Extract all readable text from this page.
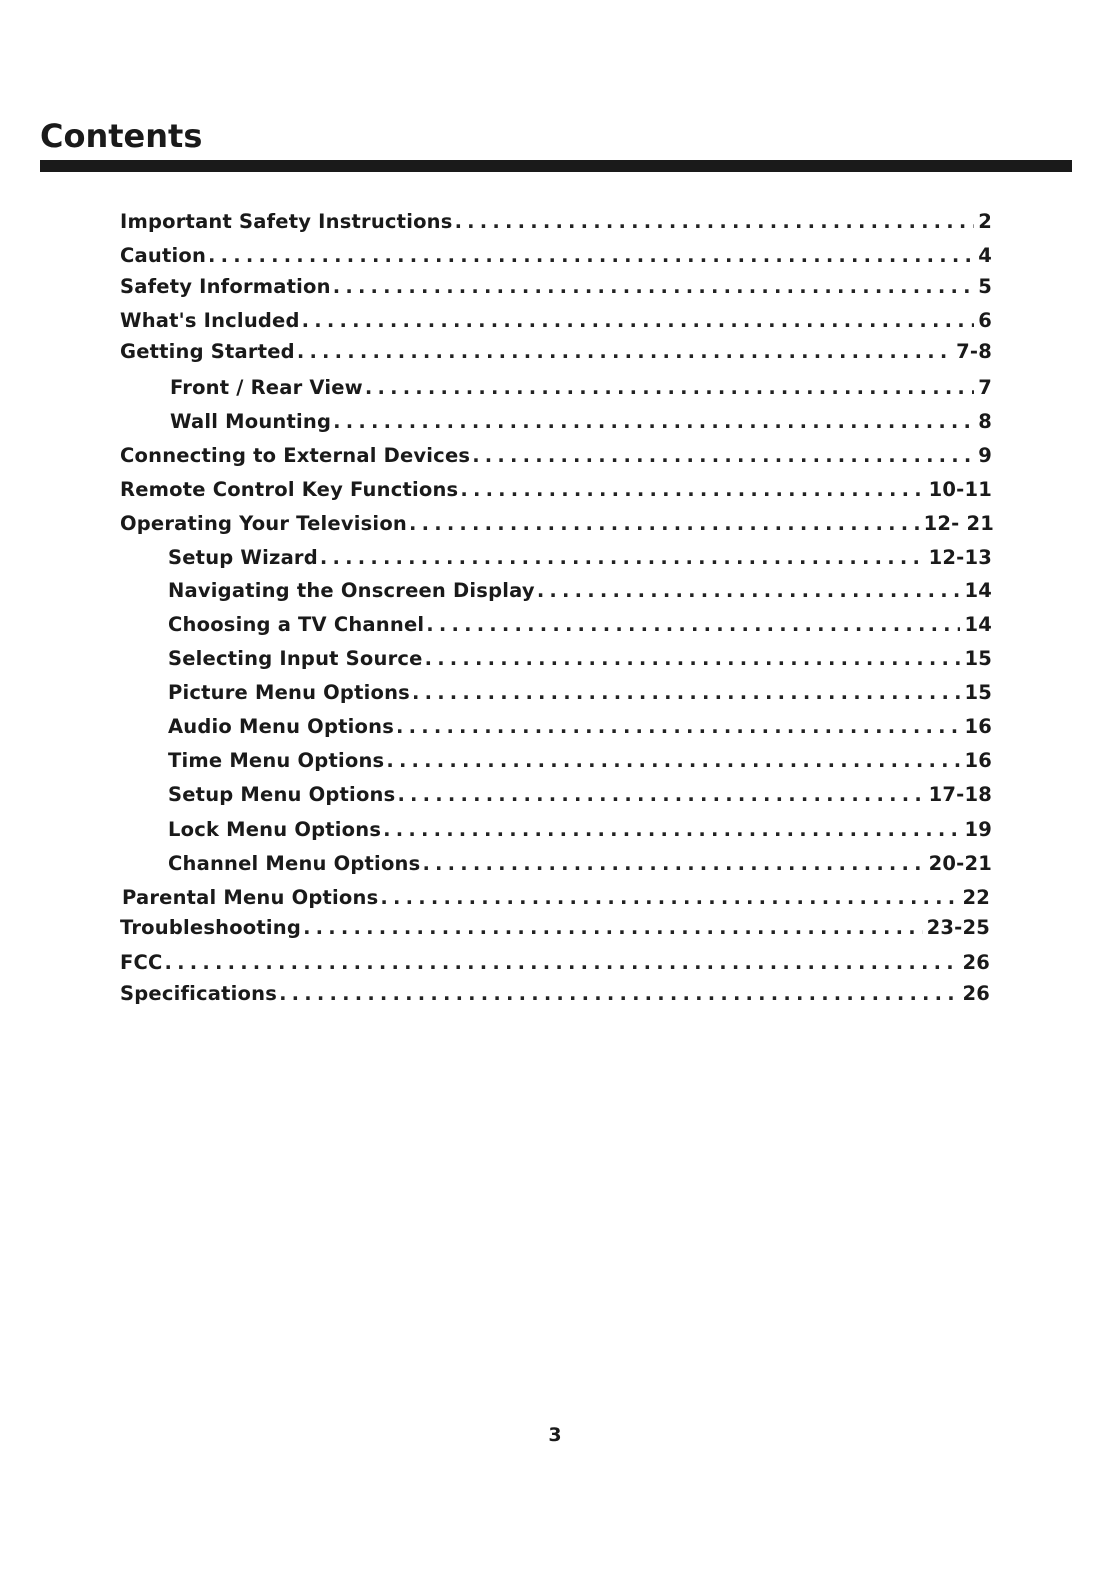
Contents
Important Safety Instructions .....	2
Caution .....	4
Safety Information .....	5
What's Included .....	6
Getting Started .....	7-8
Front / Rear View .....	7
Wall Mounting .....	8
Connecting to External Devices .....	9
Remote Control Key Functions .....	10-11
Operating Your Television .....	12- 21
Setup Wizard .....	12-13
Navigating the Onscreen Display .....	14
Choosing a TV Channel .....	14
Selecting Input Source .....	15
Picture Menu Options .....	15
Audio Menu Options .....	16
Time Menu Options .....	16
Setup Menu Options .....	17-18
Lock Menu Options .....	19
Channel Menu Options .....	20-21
Parental Menu Options .....	22
Troubleshooting .....	23-25
FCC .....	26
Specifications .....	26
3
